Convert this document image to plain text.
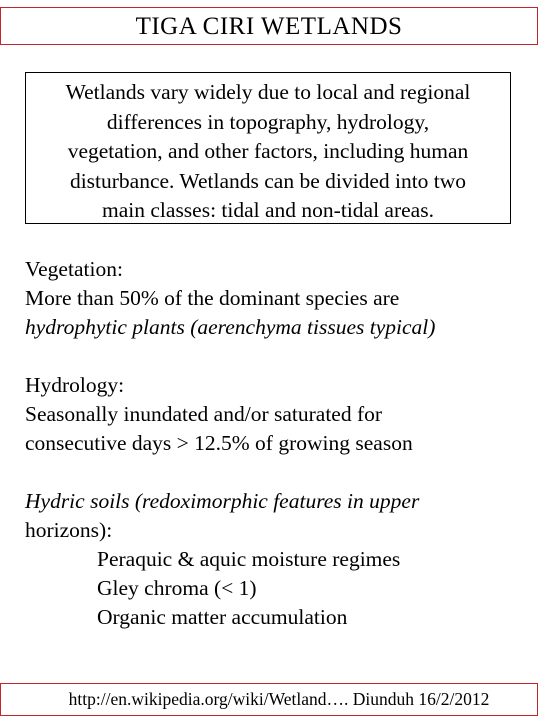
TIGA CIRI WETLANDS
Wetlands vary widely due to local and regional
differences in topography, hydrology,
vegetation, and other factors, including human
disturbance. Wetlands can be divided into two
main classes: tidal and non-tidal areas.
Vegetation:
More than 50% of the dominant species are
hydrophytic plants (aerenchyma tissues typical)
Hydrology:
Seasonally inundated and/or saturated for
consecutive days > 12.5% of growing season
Hydric soils (redoximorphic features in upper
horizons):
Peraquic & aquic moisture regimes
Gley chroma (< 1)
Organic matter accumulation
http://en.wikipedia.org/wiki/Wetland…. Diunduh 16/2/2012
